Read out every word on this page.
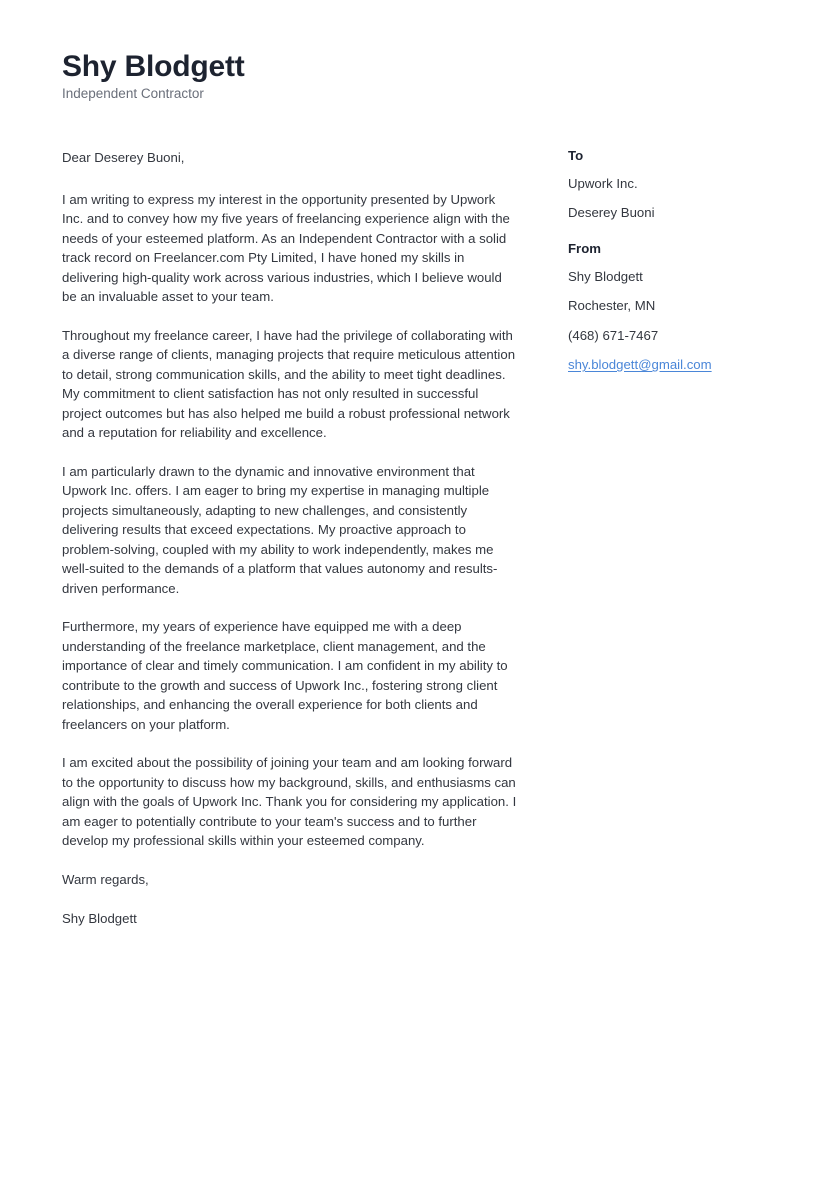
Shy Blodgett

Independent Contractor

Dear Deserey Buoni,

I am writing to express my interest in the opportunity presented by Upwork Inc. and to convey how my five years of freelancing experience align with the needs of your esteemed platform. As an Independent Contractor with a solid track record on Freelancer.com Pty Limited, I have honed my skills in delivering high-quality work across various industries, which I believe would be an invaluable asset to your team.

Throughout my freelance career, I have had the privilege of collaborating with a diverse range of clients, managing projects that require meticulous attention to detail, strong communication skills, and the ability to meet tight deadlines. My commitment to client satisfaction has not only resulted in successful project outcomes but has also helped me build a robust professional network and a reputation for reliability and excellence.

I am particularly drawn to the dynamic and innovative environment that Upwork Inc. offers. I am eager to bring my expertise in managing multiple projects simultaneously, adapting to new challenges, and consistently delivering results that exceed expectations. My proactive approach to problem-solving, coupled with my ability to work independently, makes me well-suited to the demands of a platform that values autonomy and results-driven performance.

Furthermore, my years of experience have equipped me with a deep understanding of the freelance marketplace, client management, and the importance of clear and timely communication. I am confident in my ability to contribute to the growth and success of Upwork Inc., fostering strong client relationships, and enhancing the overall experience for both clients and freelancers on your platform.

I am excited about the possibility of joining your team and am looking forward to the opportunity to discuss how my background, skills, and enthusiasms can align with the goals of Upwork Inc. Thank you for considering my application. I am eager to potentially contribute to your team's success and to further develop my professional skills within your esteemed company.

Warm regards,

Shy Blodgett

To

Upwork Inc.

Deserey Buoni

From

Shy Blodgett

Rochester, MN

(468) 671-7467

shy.blodgett@gmail.com
